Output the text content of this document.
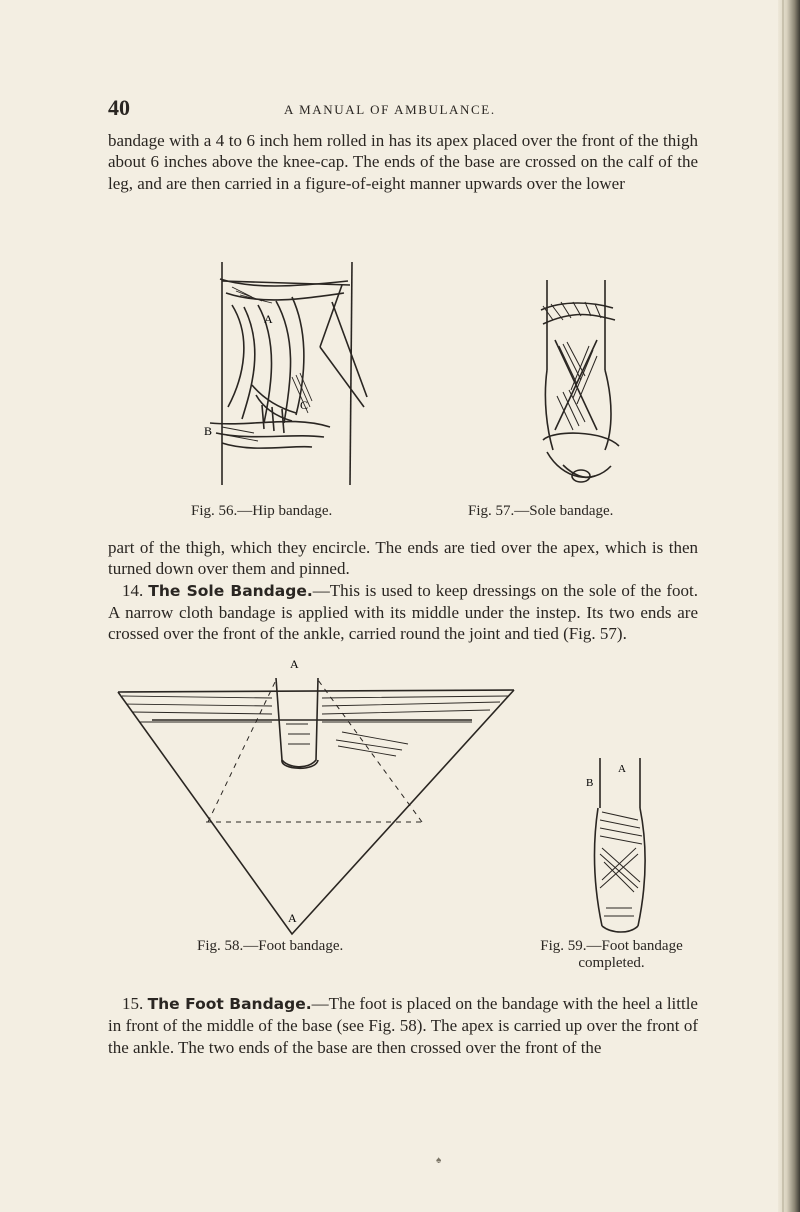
40	A MANUAL OF AMBULANCE.

bandage with a 4 to 6 inch hem rolled in has its apex placed over the front of the thigh about 6 inches above the knee-cap. The ends of the base are crossed on the calf of the leg, and are then carried in a figure-of-eight manner upwards over the lower

A
B
C
Fig. 56.—Hip bandage.	Fig. 57.—Sole bandage.

part of the thigh, which they encircle. The ends are tied over the apex, which is then turned down over them and pinned.

14. The Sole Bandage.—This is used to keep dressings on the sole of the foot. A narrow cloth bandage is applied with its middle under the instep. Its two ends are crossed over the front of the ankle, carried round the joint and tied (Fig. 57).

A
A
Fig. 58.—Foot bandage.
A
B
Fig. 59.—Foot bandage
completed.

15. The Foot Bandage.—The foot is placed on the bandage with the heel a little in front of the middle of the base (see Fig. 58). The apex is carried up over the front of the ankle. The two ends of the base are then crossed over the front of the

♠
